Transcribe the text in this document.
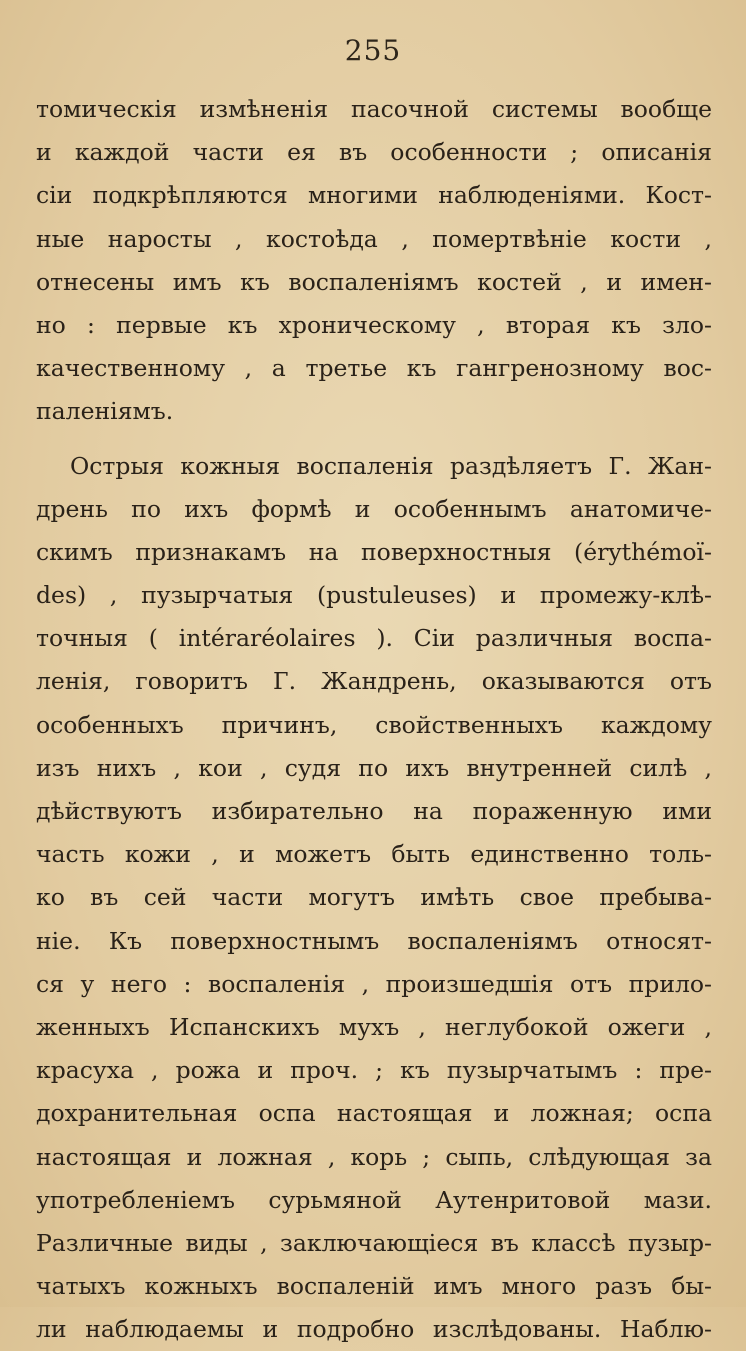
255
томическія измѣненія пасочной системы вообще
и каждой части ея въ особенности ; описанія
сіи подкрѣпляются многими наблюденіями. Кост-
ные наросты , костоѣда , помертвѣніе кости ,
отнесены имъ къ воспаленіямъ костей , и имен-
но : первые къ хроническому , вторая къ зло-
качественному , а третье къ гангренозному вос-
паленіямъ.
Острыя кожныя воспаленія раздѣляетъ Г. Жан-
дрень по ихъ формѣ и особеннымъ анатомиче-
скимъ признакамъ на поверхностныя (érythémoï-
des) , пузырчатыя (pustuleuses) и промежу-клѣ-
точныя ( intéraréolaires ). Сіи различныя воспа-
ленія, говоритъ Г. Жандрень, оказываются отъ
особенныхъ причинъ, свойственныхъ каждому
изъ нихъ , кои , судя по ихъ внутренней силѣ ,
дѣйствуютъ избирательно на пораженную ими
часть кожи , и можетъ быть единственно толь-
ко въ сей части могутъ имѣть свое пребыва-
ніе. Къ поверхностнымъ воспаленіямъ относят-
ся у него : воспаленія , произшедшія отъ прило-
женныхъ Испанскихъ мухъ , неглубокой ожеги ,
красуха , рожа и проч. ; къ пузырчатымъ : пре-
дохранительная оспа настоящая и ложная; оспа
настоящая и ложная , корь ; сыпь, слѣдующая за
употребленіемъ сурьмяной Аутенритовой мази.
Различные виды , заключающіеся въ классѣ пузыр-
чатыхъ кожныхъ воспаленій имъ много разъ бы-
ли наблюдаемы и подробно изслѣдованы. Наблю-
